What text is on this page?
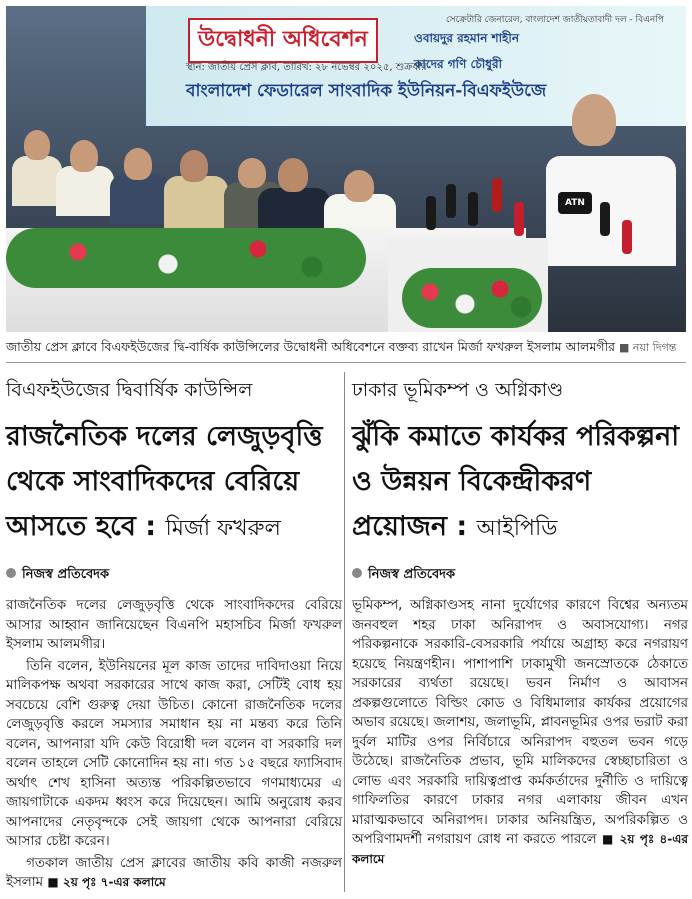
উদ্বোধনী অধিবেশন
স্থান: জাতীয় প্রেস ক্লাব, তারিখ: ২৮ নভেম্বর ২০২৫, শুক্রবার
বাংলাদেশ ফেডারেল সাংবাদিক ইউনিয়ন-বিএফইউজে
সেক্রেটারি জেনারেল, বাংলাদেশ জাতীয়তাবাদী দল - বিএনপি
ওবায়দুর রহমান শাহীন
কাদের গণি চৌধুরী
ATN
জাতীয় প্রেস ক্লাবে বিএফইউজের দ্বি-বার্ষিক কাউন্সিলের উদ্বোধনী অধিবেশনে বক্তব্য রাখেন মির্জা ফখরুল ইসলাম আলমগীর ■ নয়া দিগন্ত
বিএফইউজের দ্বিবার্ষিক কাউন্সিল
রাজনৈতিক দলের লেজুড়বৃত্তি
থেকে সাংবাদিকদের বেরিয়ে
আসতে হবে : মির্জা ফখরুল
নিজস্ব প্রতিবেদক

রাজনৈতিক দলের লেজুড়বৃত্তি থেকে সাংবাদিকদের বেরিয়ে আসার আহ্বান জানিয়েছেন বিএনপি মহাসচিব মির্জা ফখরুল ইসলাম আলমগীর।

তিনি বলেন, ইউনিয়নের মূল কাজ তাদের দাবিদাওয়া নিয়ে মালিকপক্ষ অথবা সরকারের সাথে কাজ করা, সেটিই বোধ হয় সবচেয়ে বেশি গুরুত্ব দেয়া উচিত। কোনো রাজনৈতিক দলের লেজুড়বৃত্তি করলে সমস্যার সমাধান হয় না মন্তব্য করে তিনি বলেন, আপনারা যদি কেউ বিরোধী দল বলেন বা সরকারি দল বলেন তাহলে সেটি কোনোদিন হয় না। গত ১৫ বছরে ফ্যাসিবাদ অর্থাৎ শেখ হাসিনা অত্যন্ত পরিকল্পিতভাবে গণমাধ্যমের এ জায়গাটাকে একদম ধ্বংস করে দিয়েছেন। আমি অনুরোধ করব আপনাদের নেতৃবৃন্দকে সেই জায়গা থেকে আপনারা বেরিয়ে আসার চেষ্টা করেন।

গতকাল জাতীয় প্রেস ক্লাবের জাতীয় কবি কাজী নজরুল ইসলাম ■ ২য় পৃঃ ৭-এর কলামে

ঢাকার ভূমিকম্প ও অগ্নিকাণ্ড
ঝুঁকি কমাতে কার্যকর পরিকল্পনা
ও উন্নয়ন বিকেন্দ্রীকরণ
প্রয়োজন : আইপিডি
নিজস্ব প্রতিবেদক

ভূমিকম্প, অগ্নিকাণ্ডসহ নানা দুর্যোগের কারণে বিশ্বের অন্যতম জনবহুল শহর ঢাকা অনিরাপদ ও অবাসযোগ্য। নগর পরিকল্পনাকে সরকারি-বেসরকারি পর্যায়ে অগ্রাহ্য করে নগরায়ণ হয়েছে নিয়ন্ত্রণহীন। পাশাপাশি ঢাকামুখী জনস্রোতকে ঠেকাতে সরকারের ব্যর্থতা রয়েছে। ভবন নির্মাণ ও আবাসন প্রকল্পগুলোতে বিল্ডিং কোড ও বিধিমালার কার্যকর প্রয়োগের অভাব রয়েছে। জলাশয়, জলাভূমি, প্লাবনভূমির ওপর ভরাট করা দুর্বল মাটির ওপর নির্বিচারে অনিরাপদ বহুতল ভবন গড়ে উঠেছে। রাজনৈতিক প্রভাব, ভূমি মালিকদের স্বেচ্ছাচারিতা ও লোভ এবং সরকারি দায়িত্বপ্রাপ্ত কর্মকর্তাদের দুর্নীতি ও দায়িত্বে গাফিলতির কারণে ঢাকার নগর এলাকায় জীবন এখন মারাত্মকভাবে অনিরাপদ। ঢাকার অনিয়ন্ত্রিত, অপরিকল্পিত ও অপরিণামদর্শী নগরায়ণ রোধ না করতে পারলে ■ ২য় পৃঃ ৪-এর কলামে
